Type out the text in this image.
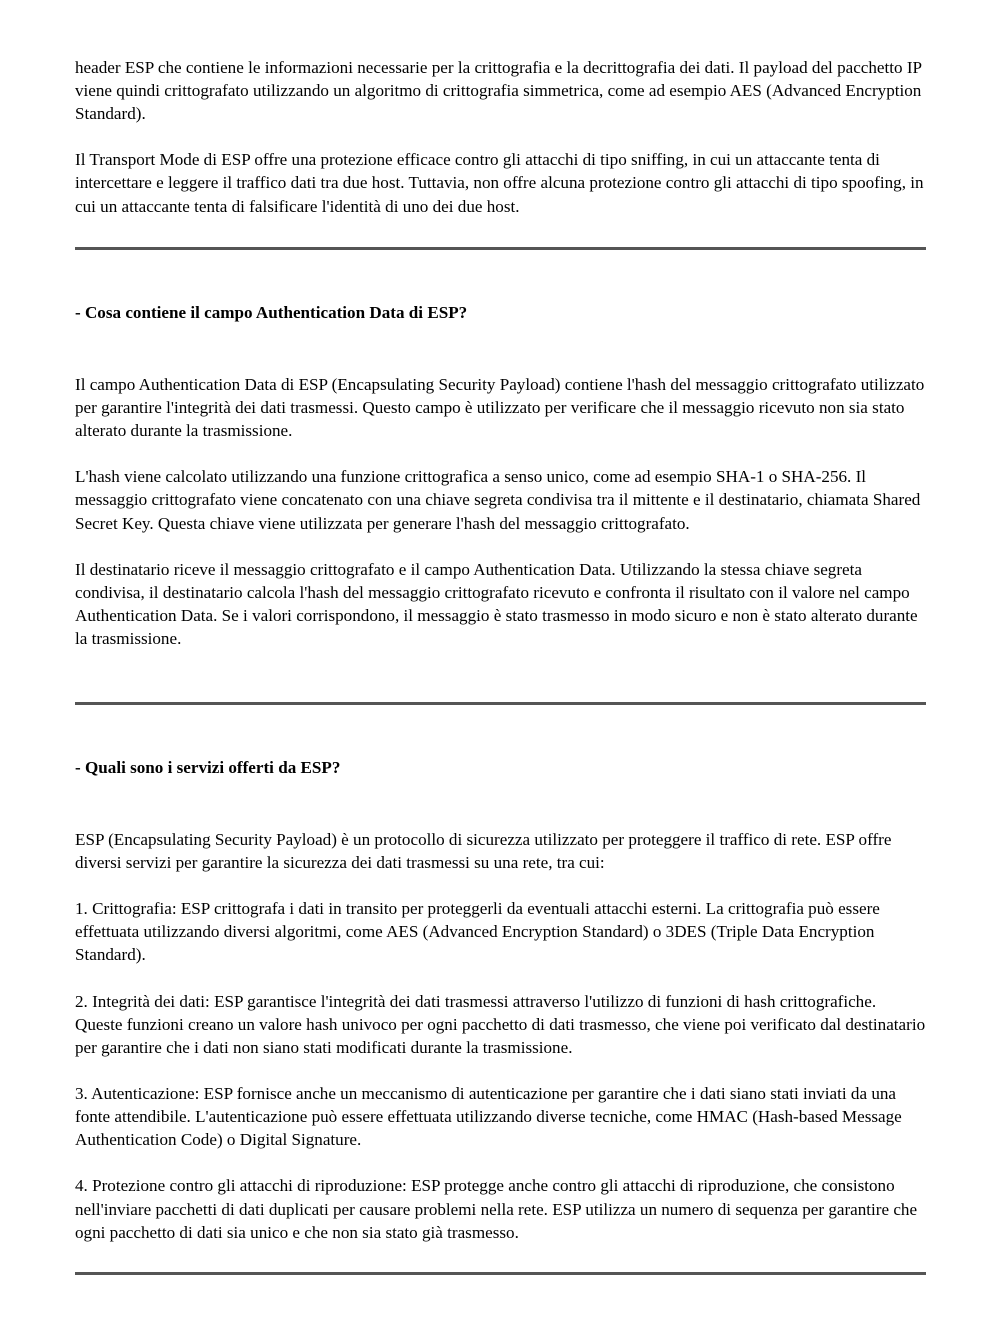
header ESP che contiene le informazioni necessarie per la crittografia e la decrittografia dei dati. Il payload del pacchetto IP viene quindi crittografato utilizzando un algoritmo di crittografia simmetrica, come ad esempio AES (Advanced Encryption Standard).

Il Transport Mode di ESP offre una protezione efficace contro gli attacchi di tipo sniffing, in cui un attaccante tenta di intercettare e leggere il traffico dati tra due host. Tuttavia, non offre alcuna protezione contro gli attacchi di tipo spoofing, in cui un attaccante tenta di falsificare l'identità di uno dei due host.

- Cosa contiene il campo Authentication Data di ESP?

Il campo Authentication Data di ESP (Encapsulating Security Payload) contiene l'hash del messaggio crittografato utilizzato per garantire l'integrità dei dati trasmessi. Questo campo è utilizzato per verificare che il messaggio ricevuto non sia stato alterato durante la trasmissione.

L'hash viene calcolato utilizzando una funzione crittografica a senso unico, come ad esempio SHA-1 o SHA-256. Il messaggio crittografato viene concatenato con una chiave segreta condivisa tra il mittente e il destinatario, chiamata Shared Secret Key. Questa chiave viene utilizzata per generare l'hash del messaggio crittografato.

Il destinatario riceve il messaggio crittografato e il campo Authentication Data. Utilizzando la stessa chiave segreta condivisa, il destinatario calcola l'hash del messaggio crittografato ricevuto e confronta il risultato con il valore nel campo Authentication Data. Se i valori corrispondono, il messaggio è stato trasmesso in modo sicuro e non è stato alterato durante la trasmissione.

- Quali sono i servizi offerti da ESP?

ESP (Encapsulating Security Payload) è un protocollo di sicurezza utilizzato per proteggere il traffico di rete. ESP offre diversi servizi per garantire la sicurezza dei dati trasmessi su una rete, tra cui:

1. Crittografia: ESP crittografa i dati in transito per proteggerli da eventuali attacchi esterni. La crittografia può essere effettuata utilizzando diversi algoritmi, come AES (Advanced Encryption Standard) o 3DES (Triple Data Encryption Standard).

2. Integrità dei dati: ESP garantisce l'integrità dei dati trasmessi attraverso l'utilizzo di funzioni di hash crittografiche. Queste funzioni creano un valore hash univoco per ogni pacchetto di dati trasmesso, che viene poi verificato dal destinatario per garantire che i dati non siano stati modificati durante la trasmissione.

3. Autenticazione: ESP fornisce anche un meccanismo di autenticazione per garantire che i dati siano stati inviati da una fonte attendibile. L'autenticazione può essere effettuata utilizzando diverse tecniche, come HMAC (Hash-based Message Authentication Code) o Digital Signature.

4. Protezione contro gli attacchi di riproduzione: ESP protegge anche contro gli attacchi di riproduzione, che consistono nell'inviare pacchetti di dati duplicati per causare problemi nella rete. ESP utilizza un numero di sequenza per garantire che ogni pacchetto di dati sia unico e che non sia stato già trasmesso.
